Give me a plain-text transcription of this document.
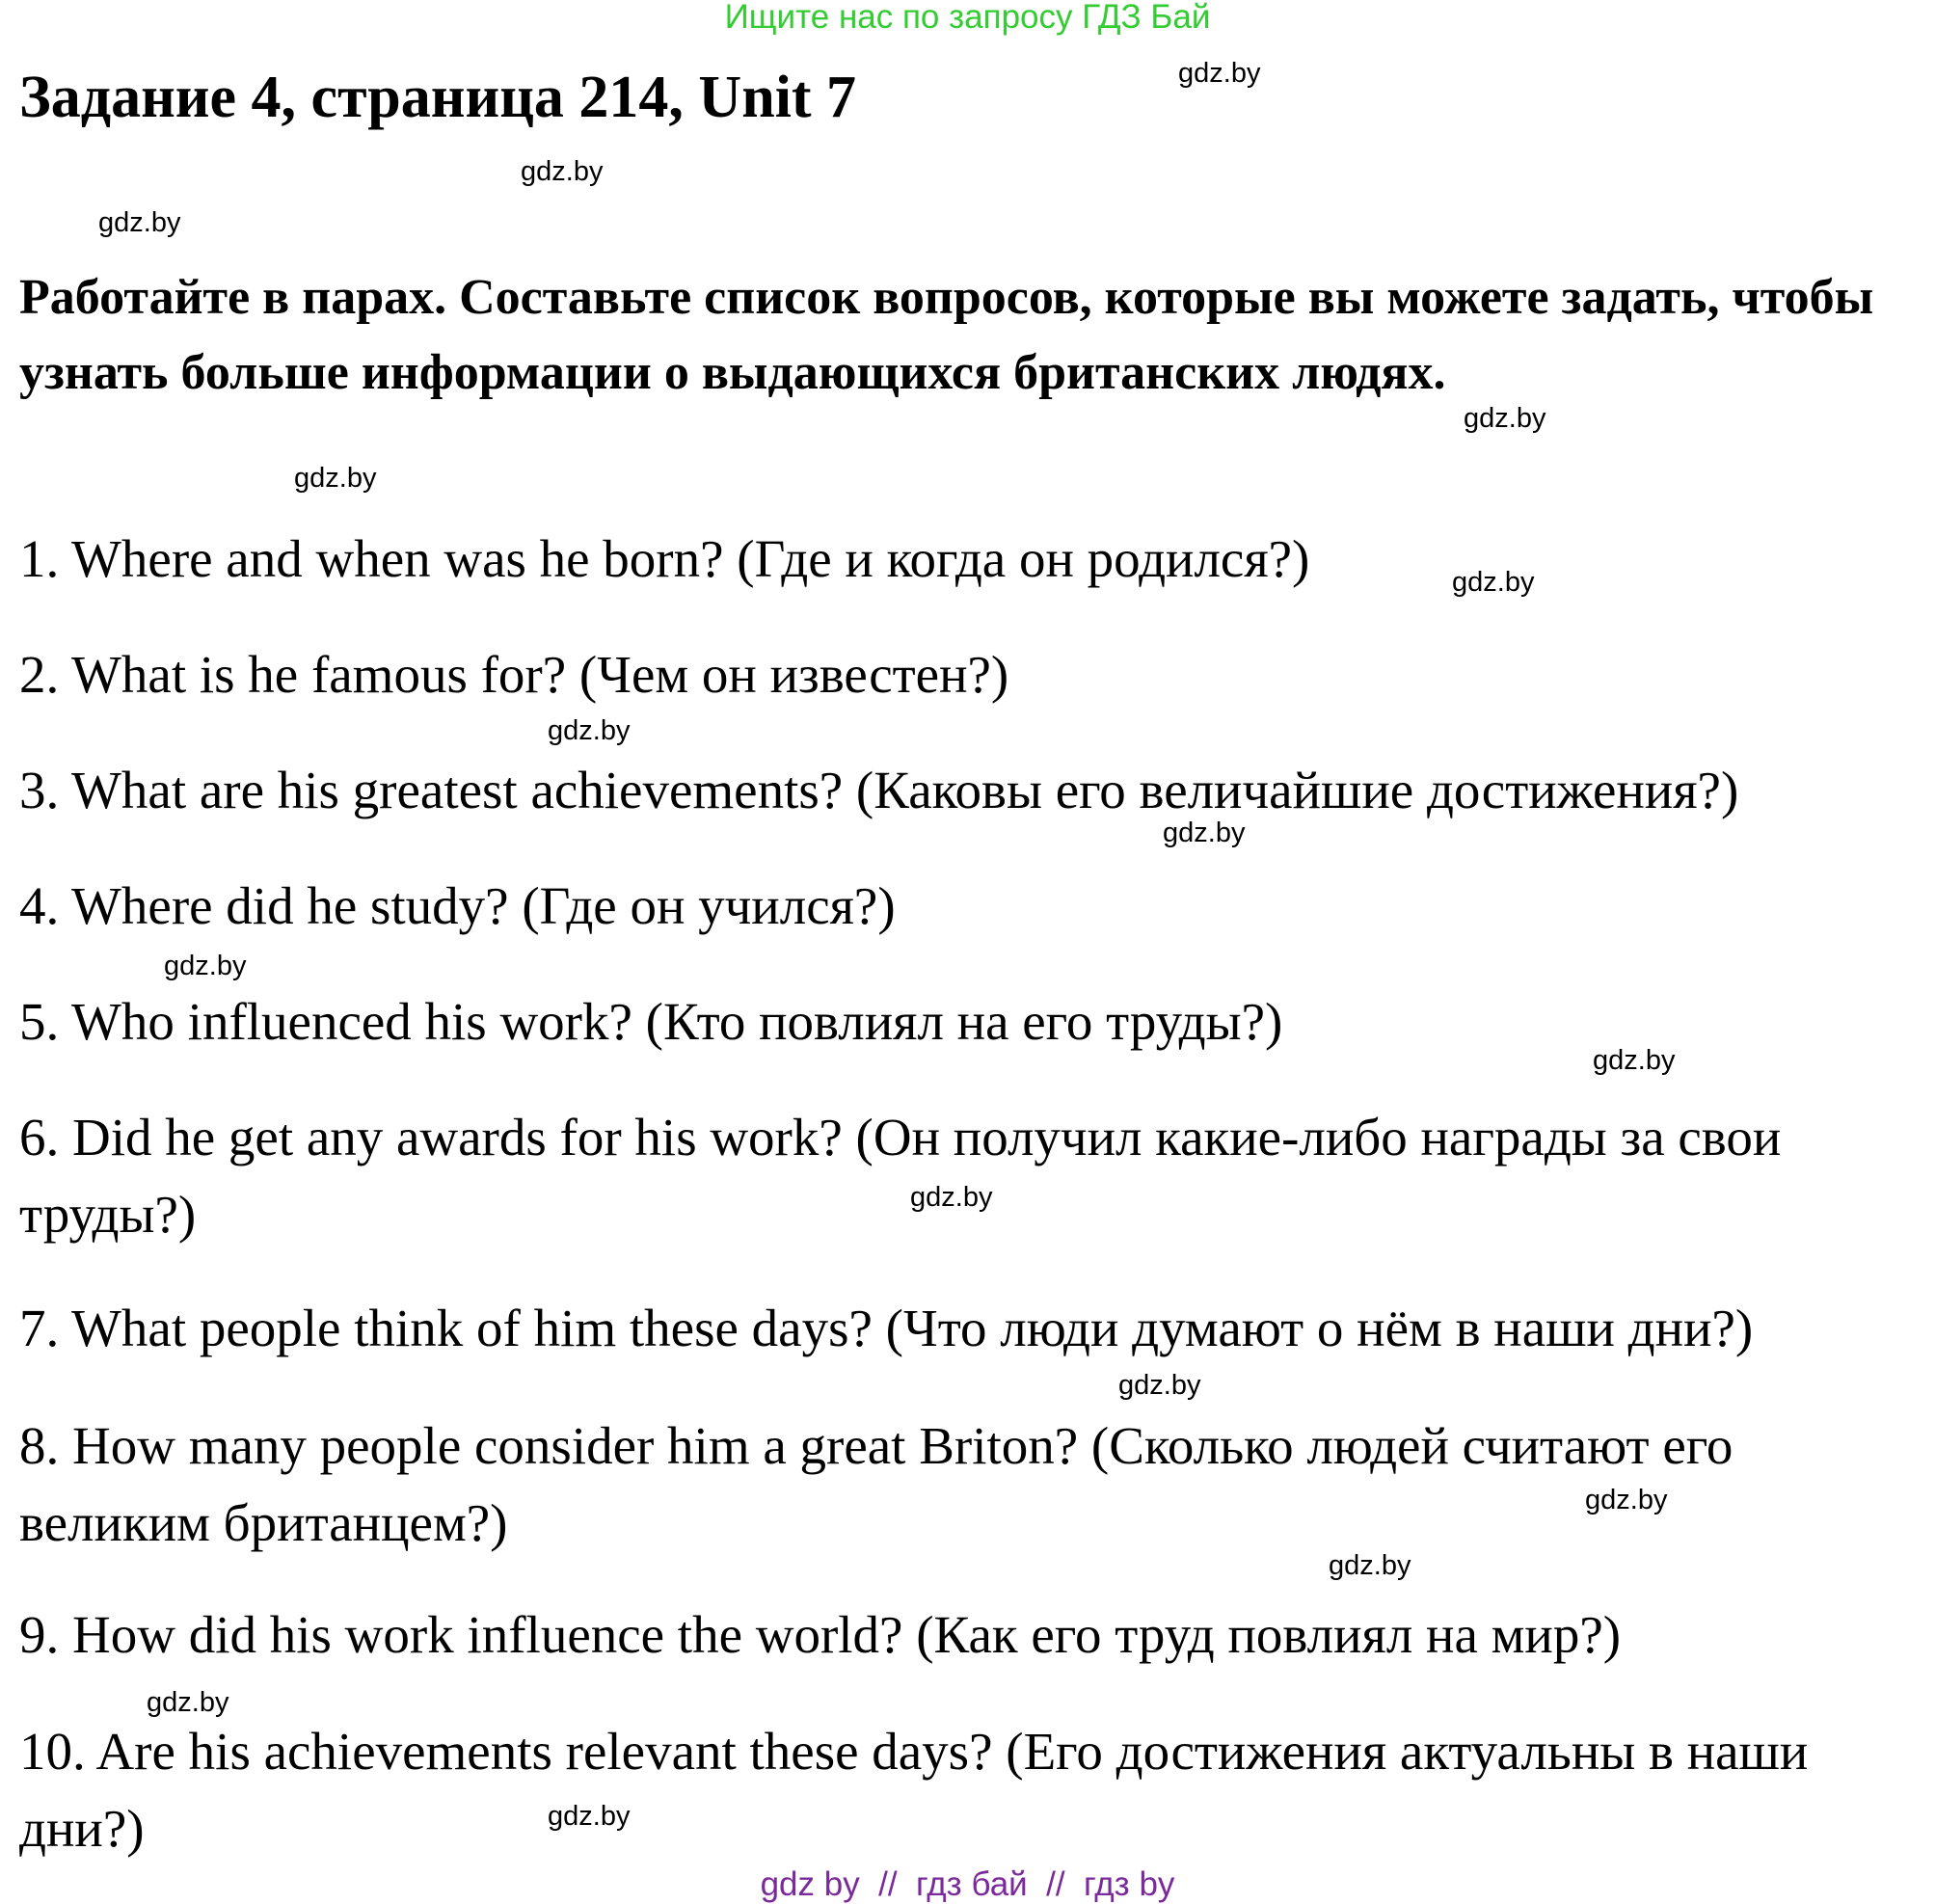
Ищите нас по запросу ГДЗ Бай
Задание 4, страница 214, Unit 7

Работайте в парах. Составьте список вопросов, которые вы можете задать, чтобы узнать больше информации о выдающихся британских людях.

1. Where and when was he born? (Где и когда он родился?)

2. What is he famous for? (Чем он известен?)

3. What are his greatest achievements? (Каковы его величайшие достижения?)

4. Where did he study? (Где он учился?)

5. Who influenced his work? (Кто повлиял на его труды?)

6. Did he get any awards for his work? (Он получил какие-либо награды за свои труды?)

7. What people think of him these days? (Что люди думают о нём в наши дни?)

8. How many people consider him a great Briton? (Сколько людей считают его великим британцем?)

9. How did his work influence the world? (Как его труд повлиял на мир?)

10. Are his achievements relevant these days? (Его достижения актуальны в наши дни?)

gdz.by
gdz.by
gdz.by
gdz.by
gdz.by
gdz.by
gdz.by
gdz.by
gdz.by
gdz.by
gdz.by
gdz.by
gdz.by
gdz.by
gdz.by
gdz.by
gdz by  //  гдз бай  //  гдз by
